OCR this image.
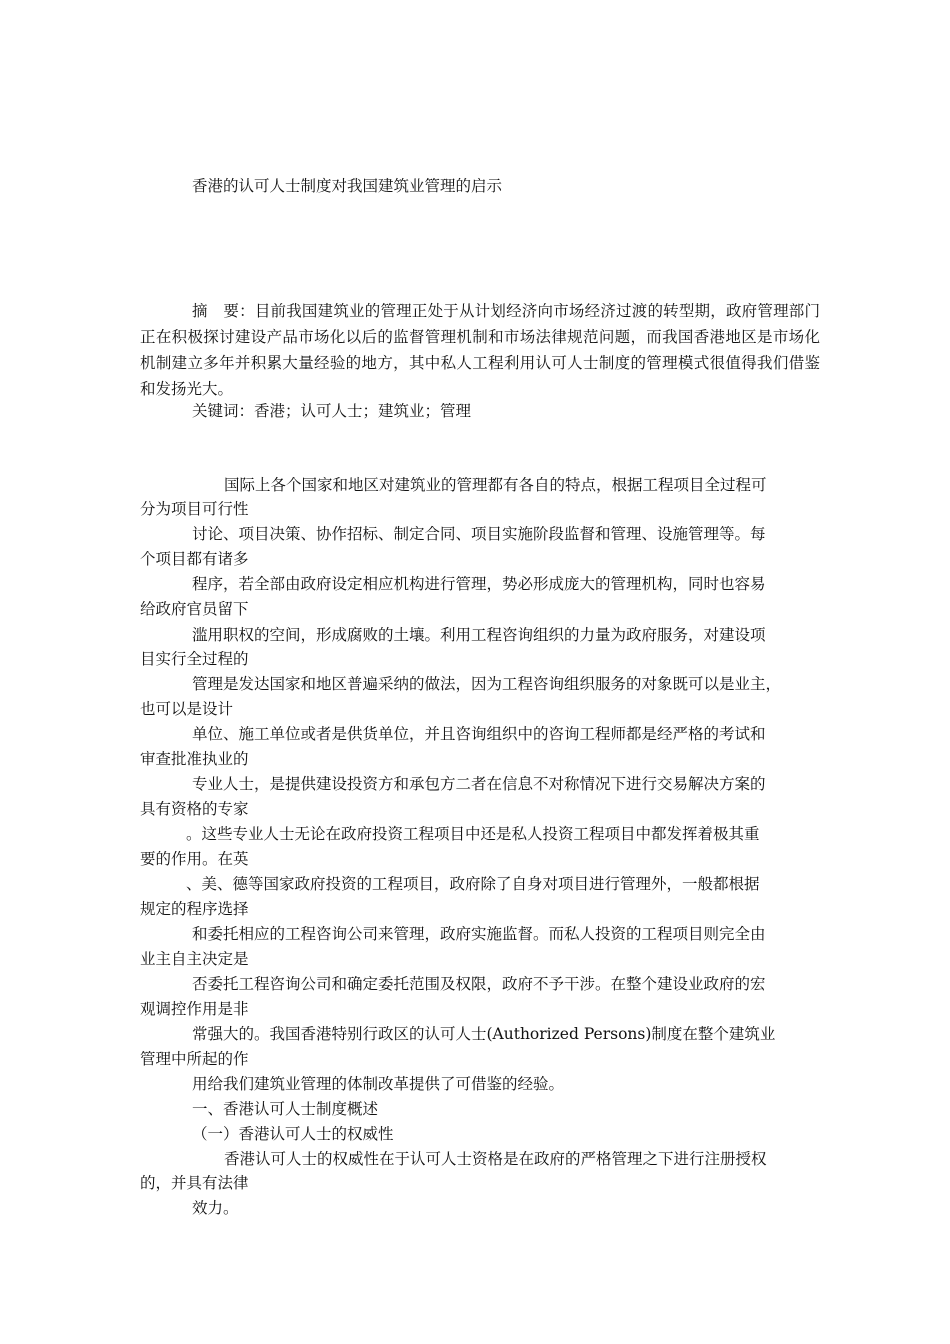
香港的认可人士制度对我国建筑业管理的启示

摘　要：目前我国建筑业的管理正处于从计划经济向市场经济过渡的转型期，政府管理部门正在积极探讨建设产品市场化以后的监督管理机制和市场法律规范问题，而我国香港地区是市场化机制建立多年并积累大量经验的地方，其中私人工程利用认可人士制度的管理模式很值得我们借鉴和发扬光大。

关键词：香港；认可人士；建筑业；管理
国际上各个国家和地区对建筑业的管理都有各自的特点，根据工程项目全过程可
分为项目可行性
讨论、项目决策、协作招标、制定合同、项目实施阶段监督和管理、设施管理等。每
个项目都有诸多
程序，若全部由政府设定相应机构进行管理，势必形成庞大的管理机构，同时也容易
给政府官员留下
滥用职权的空间，形成腐败的土壤。利用工程咨询组织的力量为政府服务，对建设项
目实行全过程的
管理是发达国家和地区普遍采纳的做法，因为工程咨询组织服务的对象既可以是业主，
也可以是设计
单位、施工单位或者是供货单位，并且咨询组织中的咨询工程师都是经严格的考试和
审查批准执业的
专业人士，是提供建设投资方和承包方二者在信息不对称情况下进行交易解决方案的
具有资格的专家
。这些专业人士无论在政府投资工程项目中还是私人投资工程项目中都发挥着极其重
要的作用。在英
、美、德等国家政府投资的工程项目，政府除了自身对项目进行管理外，一般都根据
规定的程序选择
和委托相应的工程咨询公司来管理，政府实施监督。而私人投资的工程项目则完全由
业主自主决定是
否委托工程咨询公司和确定委托范围及权限，政府不予干涉。在整个建设业政府的宏
观调控作用是非
常强大的。我国香港特别行政区的认可人士(Authorized Persons)制度在整个建筑业
管理中所起的作
用给我们建筑业管理的体制改革提供了可借鉴的经验。
一、香港认可人士制度概述
（一）香港认可人士的权威性
香港认可人士的权威性在于认可人士资格是在政府的严格管理之下进行注册授权
的，并具有法律
效力。
